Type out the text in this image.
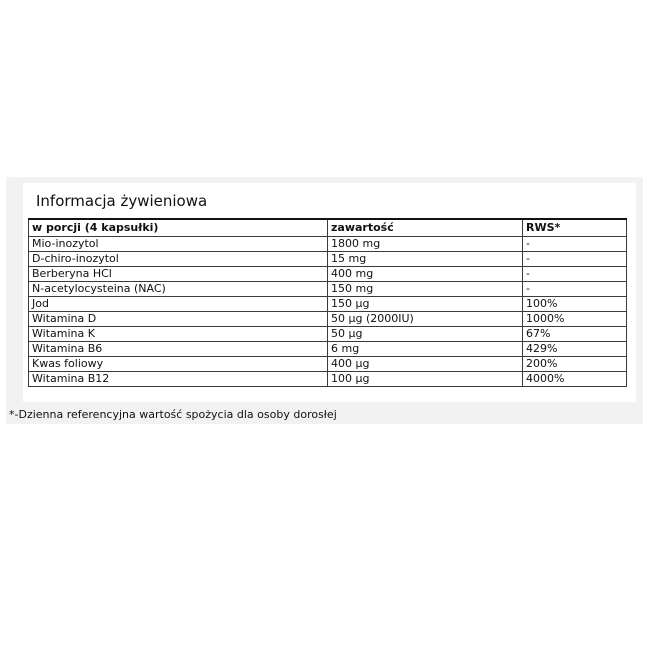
Informacja żywieniowa
w porcji (4 kapsułki)	zawartość	RWS*
Mio-inozytol	1800 mg	-
D-chiro-inozytol	15 mg	-
Berberyna HCl	400 mg	-
N-acetylocysteina (NAC)	150 mg	-
Jod	150 µg	100%
Witamina D	50 µg (2000IU)	1000%
Witamina K	50 µg	67%
Witamina B6	6 mg	429%
Kwas foliowy	400 µg	200%
Witamina B12	100 µg	4000%
*-Dzienna referencyjna wartość spożycia dla osoby dorosłej
